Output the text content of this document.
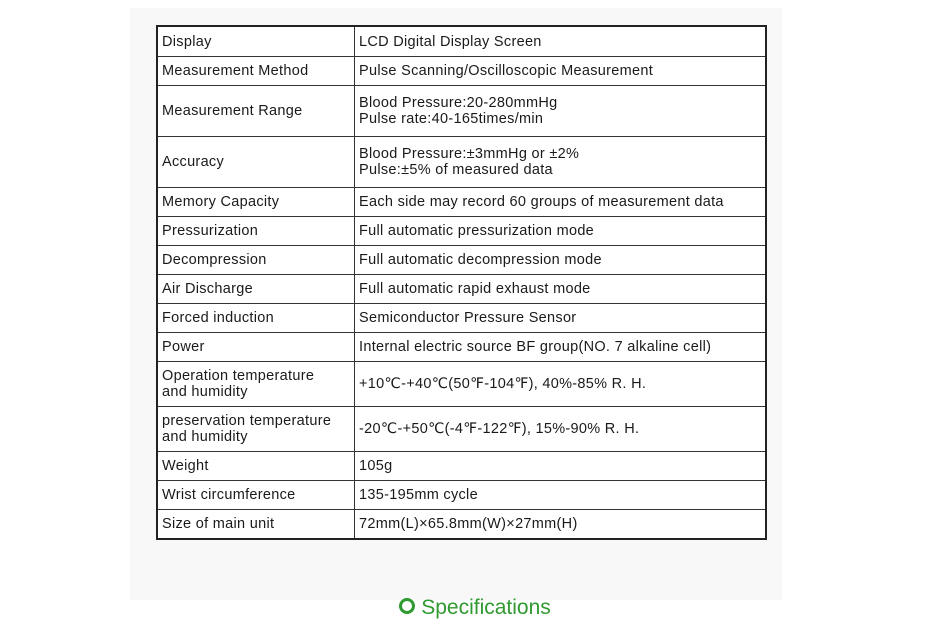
Display	LCD Digital Display Screen

Measurement Method	Pulse Scanning/Oscilloscopic Measurement

Measurement Range	Blood Pressure:20-280mmHg
Pulse rate:40-165times/min

Accuracy	Blood Pressure:±3mmHg or ±2%
Pulse:±5% of measured data

Memory Capacity	Each side may record 60 groups of measurement data

Pressurization	Full automatic pressurization mode

Decompression	Full automatic decompression mode

Air Discharge	Full automatic rapid exhaust mode

Forced induction	Semiconductor Pressure Sensor

Power	Internal electric source BF group(NO. 7 alkaline cell)

Operation temperature
and humidity	+10℃-+40℃(50℉-104℉), 40%-85% R. H.

preservation temperature
and humidity	-20℃-+50℃(-4℉-122℉), 15%-90% R. H.

Weight	105g

Wrist circumference	135-195mm cycle

Size of main unit	72mm(L)×65.8mm(W)×27mm(H)
Specifications
